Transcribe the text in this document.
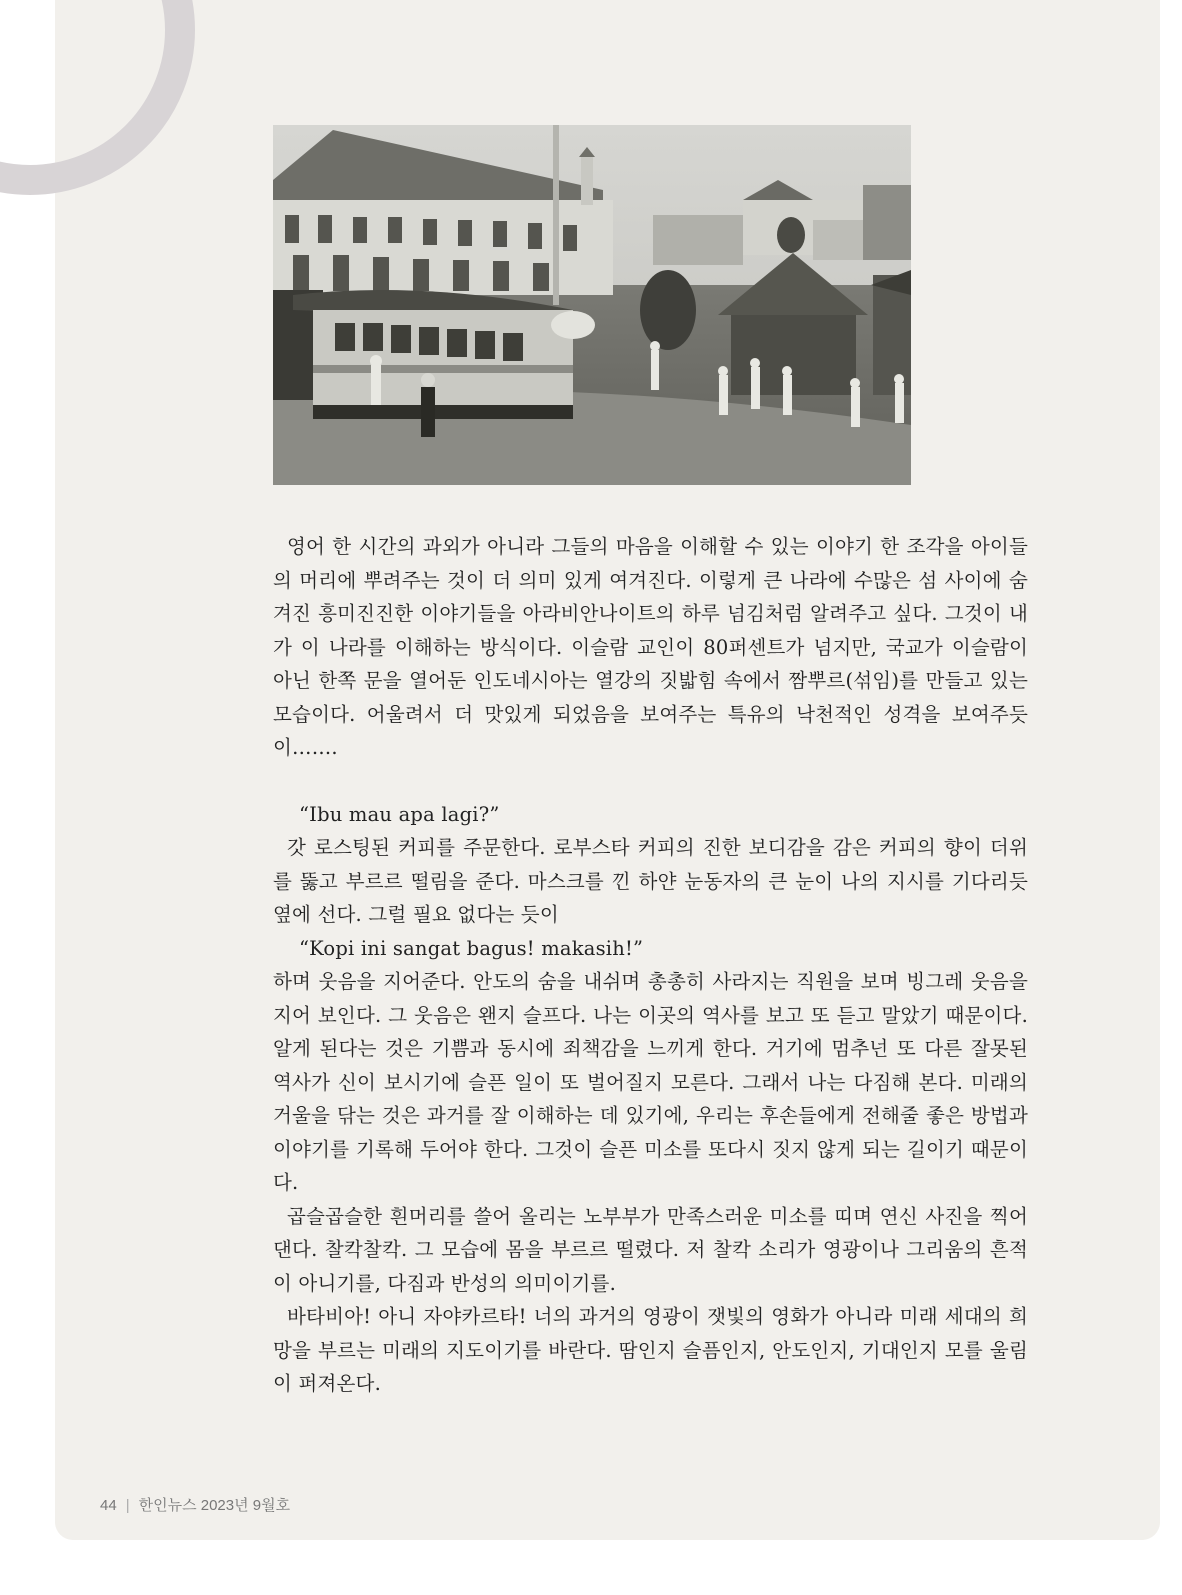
영어 한 시간의 과외가 아니라 그들의 마음을 이해할 수 있는 이야기 한 조각을 아이들의 머리에 뿌려주는 것이 더 의미 있게 여겨진다. 이렇게 큰 나라에 수많은 섬 사이에 숨겨진 흥미진진한 이야기들을 아라비안나이트의 하루 넘김처럼 알려주고 싶다. 그것이 내가 이 나라를 이해하는 방식이다. 이슬람 교인이 80퍼센트가 넘지만, 국교가 이슬람이 아닌 한쪽 문을 열어둔 인도네시아는 열강의 짓밟힘 속에서 짬뿌르(섞임)를 만들고 있는 모습이다. 어울려서 더 맛있게 되었음을 보여주는 특유의 낙천적인 성격을 보여주듯이…….

“Ibu mau apa lagi?”

갓 로스팅된 커피를 주문한다. 로부스타 커피의 진한 보디감을 감은 커피의 향이 더위를 뚫고 부르르 떨림을 준다. 마스크를 낀 하얀 눈동자의 큰 눈이 나의 지시를 기다리듯 옆에 선다. 그럴 필요 없다는 듯이

“Kopi ini sangat bagus! makasih!”

하며 웃음을 지어준다. 안도의 숨을 내쉬며 총총히 사라지는 직원을 보며 빙그레 웃음을 지어 보인다. 그 웃음은 왠지 슬프다. 나는 이곳의 역사를 보고 또 듣고 말았기 때문이다. 알게 된다는 것은 기쁨과 동시에 죄책감을 느끼게 한다. 거기에 멈추넌 또 다른 잘못된 역사가 신이 보시기에 슬픈 일이 또 벌어질지 모른다. 그래서 나는 다짐해 본다. 미래의 거울을 닦는 것은 과거를 잘 이해하는 데 있기에, 우리는 후손들에게 전해줄 좋은 방법과 이야기를 기록해 두어야 한다. 그것이 슬픈 미소를 또다시 짓지 않게 되는 길이기 때문이다.

곱슬곱슬한 흰머리를 쓸어 올리는 노부부가 만족스러운 미소를 띠며 연신 사진을 찍어댄다. 찰칵찰칵. 그 모습에 몸을 부르르 떨렸다. 저 찰칵 소리가 영광이나 그리움의 흔적이 아니기를, 다짐과 반성의 의미이기를.

바타비아! 아니 자야카르타! 너의 과거의 영광이 잿빛의 영화가 아니라 미래 세대의 희망을 부르는 미래의 지도이기를 바란다. 땀인지 슬픔인지, 안도인지, 기대인지 모를 울림이 퍼져온다.

44 | 한인뉴스 2023년 9월호
